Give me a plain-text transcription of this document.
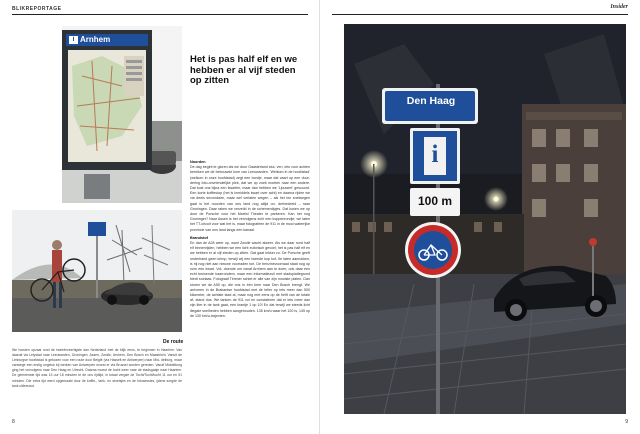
BLIKREPORTAGE
i Arnhem
Het is pas half elf en we hebben er al vijf steden op zitten
Noorden

De dag begint te gloren als we door Gaasterland stui- ven, iets voor achten bereiken we de bebouwde kom van Leeuwarden. 'Welkom in de hoofdstad' (welkom in onze hoofdstad) zegt een bordje, maar dat vaart op een duur- dering foto-onvriendelijke plek, dat we op zoek moeten naar een andere. Dat kost ons bijna een kwartier, maar dan hebben we 'Ljouwert' gescoord. Een korte koffiestop (het is inmiddels kwart over acht) en daarna rijden we via deels secondaire, maar wel verlaten wegen – als het ien snelwegen gaat is het noorden van ons land nog altijd on- derbedeeld – naar Groningen. Daar raken we verzeild in de schemerdipjes. Dat kosen we op door de Porsche voor het Martini Theater te parkeren. Kan het nog Groninger? Naar Assen is het vervolgens echt een koppenrondje; we laten het TT-circuit voor wat het is, maar fotografeen de 911 in de mooi waterrijke provincie van ons land langs een kanaal.

Brandstof

En dan de A28 weer op, want Zwolle wacht alweer. Als we daar rond half elf binnenrijden, hebben we een licht euforisch gevoel; het is pas half elf en we hebben er al vijf steden op zitten. Dat gaat lekker zo. De Porsche geeft onderhand geen krimp, terwijl wij een tweede kop kof- fie laten aanrukken, is hij nog niet aan nieuwe voorraden toe. De benzinevoorraad staat nog op ruim een kwart. Vol- doende om vanaf Arnhem aan te doen; ook daar een echt bruisende haarrondem, maar een informatiezuil met stadsplattegrond biedt soelaas. Fotograaf Timmer schiet er alle van zijn mooiste platen. Dan sturen we de A50 op, die ons in één keer naar Den Bosch brengt. We arriveren in de Brabantse hoofdstad met de teller op iets meer dan 500 kilometer, de achtste stad al, maar nog met eens op de helft van de totale af- stand dus. We tanken de 911 vol en constateren dat er iets meer dan zijn liter in de tank gaat, een krantje 1 op 10! En dat terwijl we steeds licht illegale snelheden hebben aangehouden. 135 km/u waar het 120 is, 145 op de 130 km/u-trajecten.

De route
We hoeden opzaai rond de tweeënveertigste dan Nederland met de blijk eens, te beginnen in Haarlem. Van daaruit via Lelystad naar Leeuwarden, Groningen, Assen, Zwolle, Arnhem, Den Bosch en Maastricht. Vanuit de Limburgse hoofdstad is gekozen voor een route door België (via Hasselt en Antwerpen) naar Mid- delburg, maar vanwege een erstig ongeluk bij werken van Antwerpen moest er via Brussel worden gereden. Vanaf Middelburg ging het vervolgens naar Den Haag en Utrecht. Daarna moest de tocht weer naar de stadsgaaje naar Haarlem. De gemeenste tijd was 13 uur 18 minuten te de ons rijdtijd, in totaal vergde de Tocht/Tocht/tocht 11 uur en 51 minuten. Die extra tijd werd opgemaakt door de koffie-, tank- en stoetsjes en de fotosessies, ijdens sorgde de tank uitleeuwd.
8
Insider
Den Haag
i
100 m
9
